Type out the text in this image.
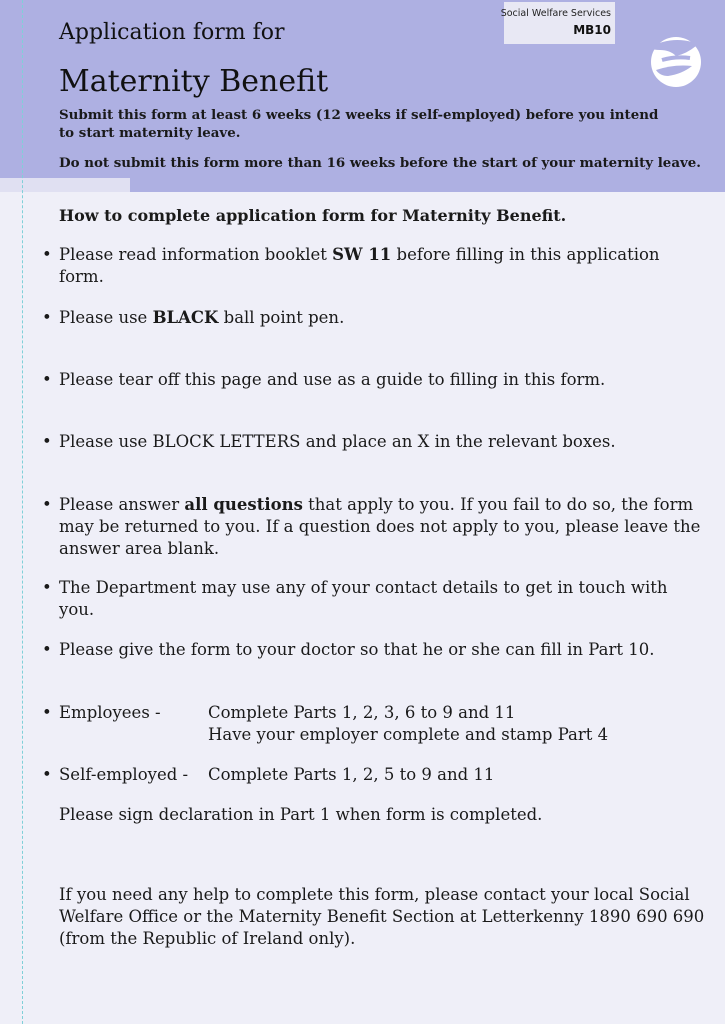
Social Welfare Services
MB10
Application form for
Maternity Benefit
Submit this form at least 6 weeks (12 weeks if self-employed) before you intend to start maternity leave.
Do not submit this form more than 16 weeks before the start of your maternity leave.
How to complete application form for Maternity Benefit.
• Please read information booklet SW 11 before filling in this application form.
• Please use BLACK ball point pen.
• Please tear off this page and use as a guide to filling in this form.
• Please use BLOCK LETTERS and place an X in the relevant boxes.
• Please answer all questions that apply to you. If you fail to do so, the form may be returned to you. If a question does not apply to you, please leave the answer area blank.
• The Department may use any of your contact details to get in touch with you.
• Please give the form to your doctor so that he or she can fill in Part 10.
• Employees -	Complete Parts 1, 2, 3, 6 to 9 and 11
Have your employer complete and stamp Part 4
• Self-employed - Complete Parts 1, 2, 5 to 9 and 11
Please sign declaration in Part 1 when form is completed.
If you need any help to complete this form, please contact your local Social Welfare Office or the Maternity Benefit Section at Letterkenny 1890 690 690 (from the Republic of Ireland only).
